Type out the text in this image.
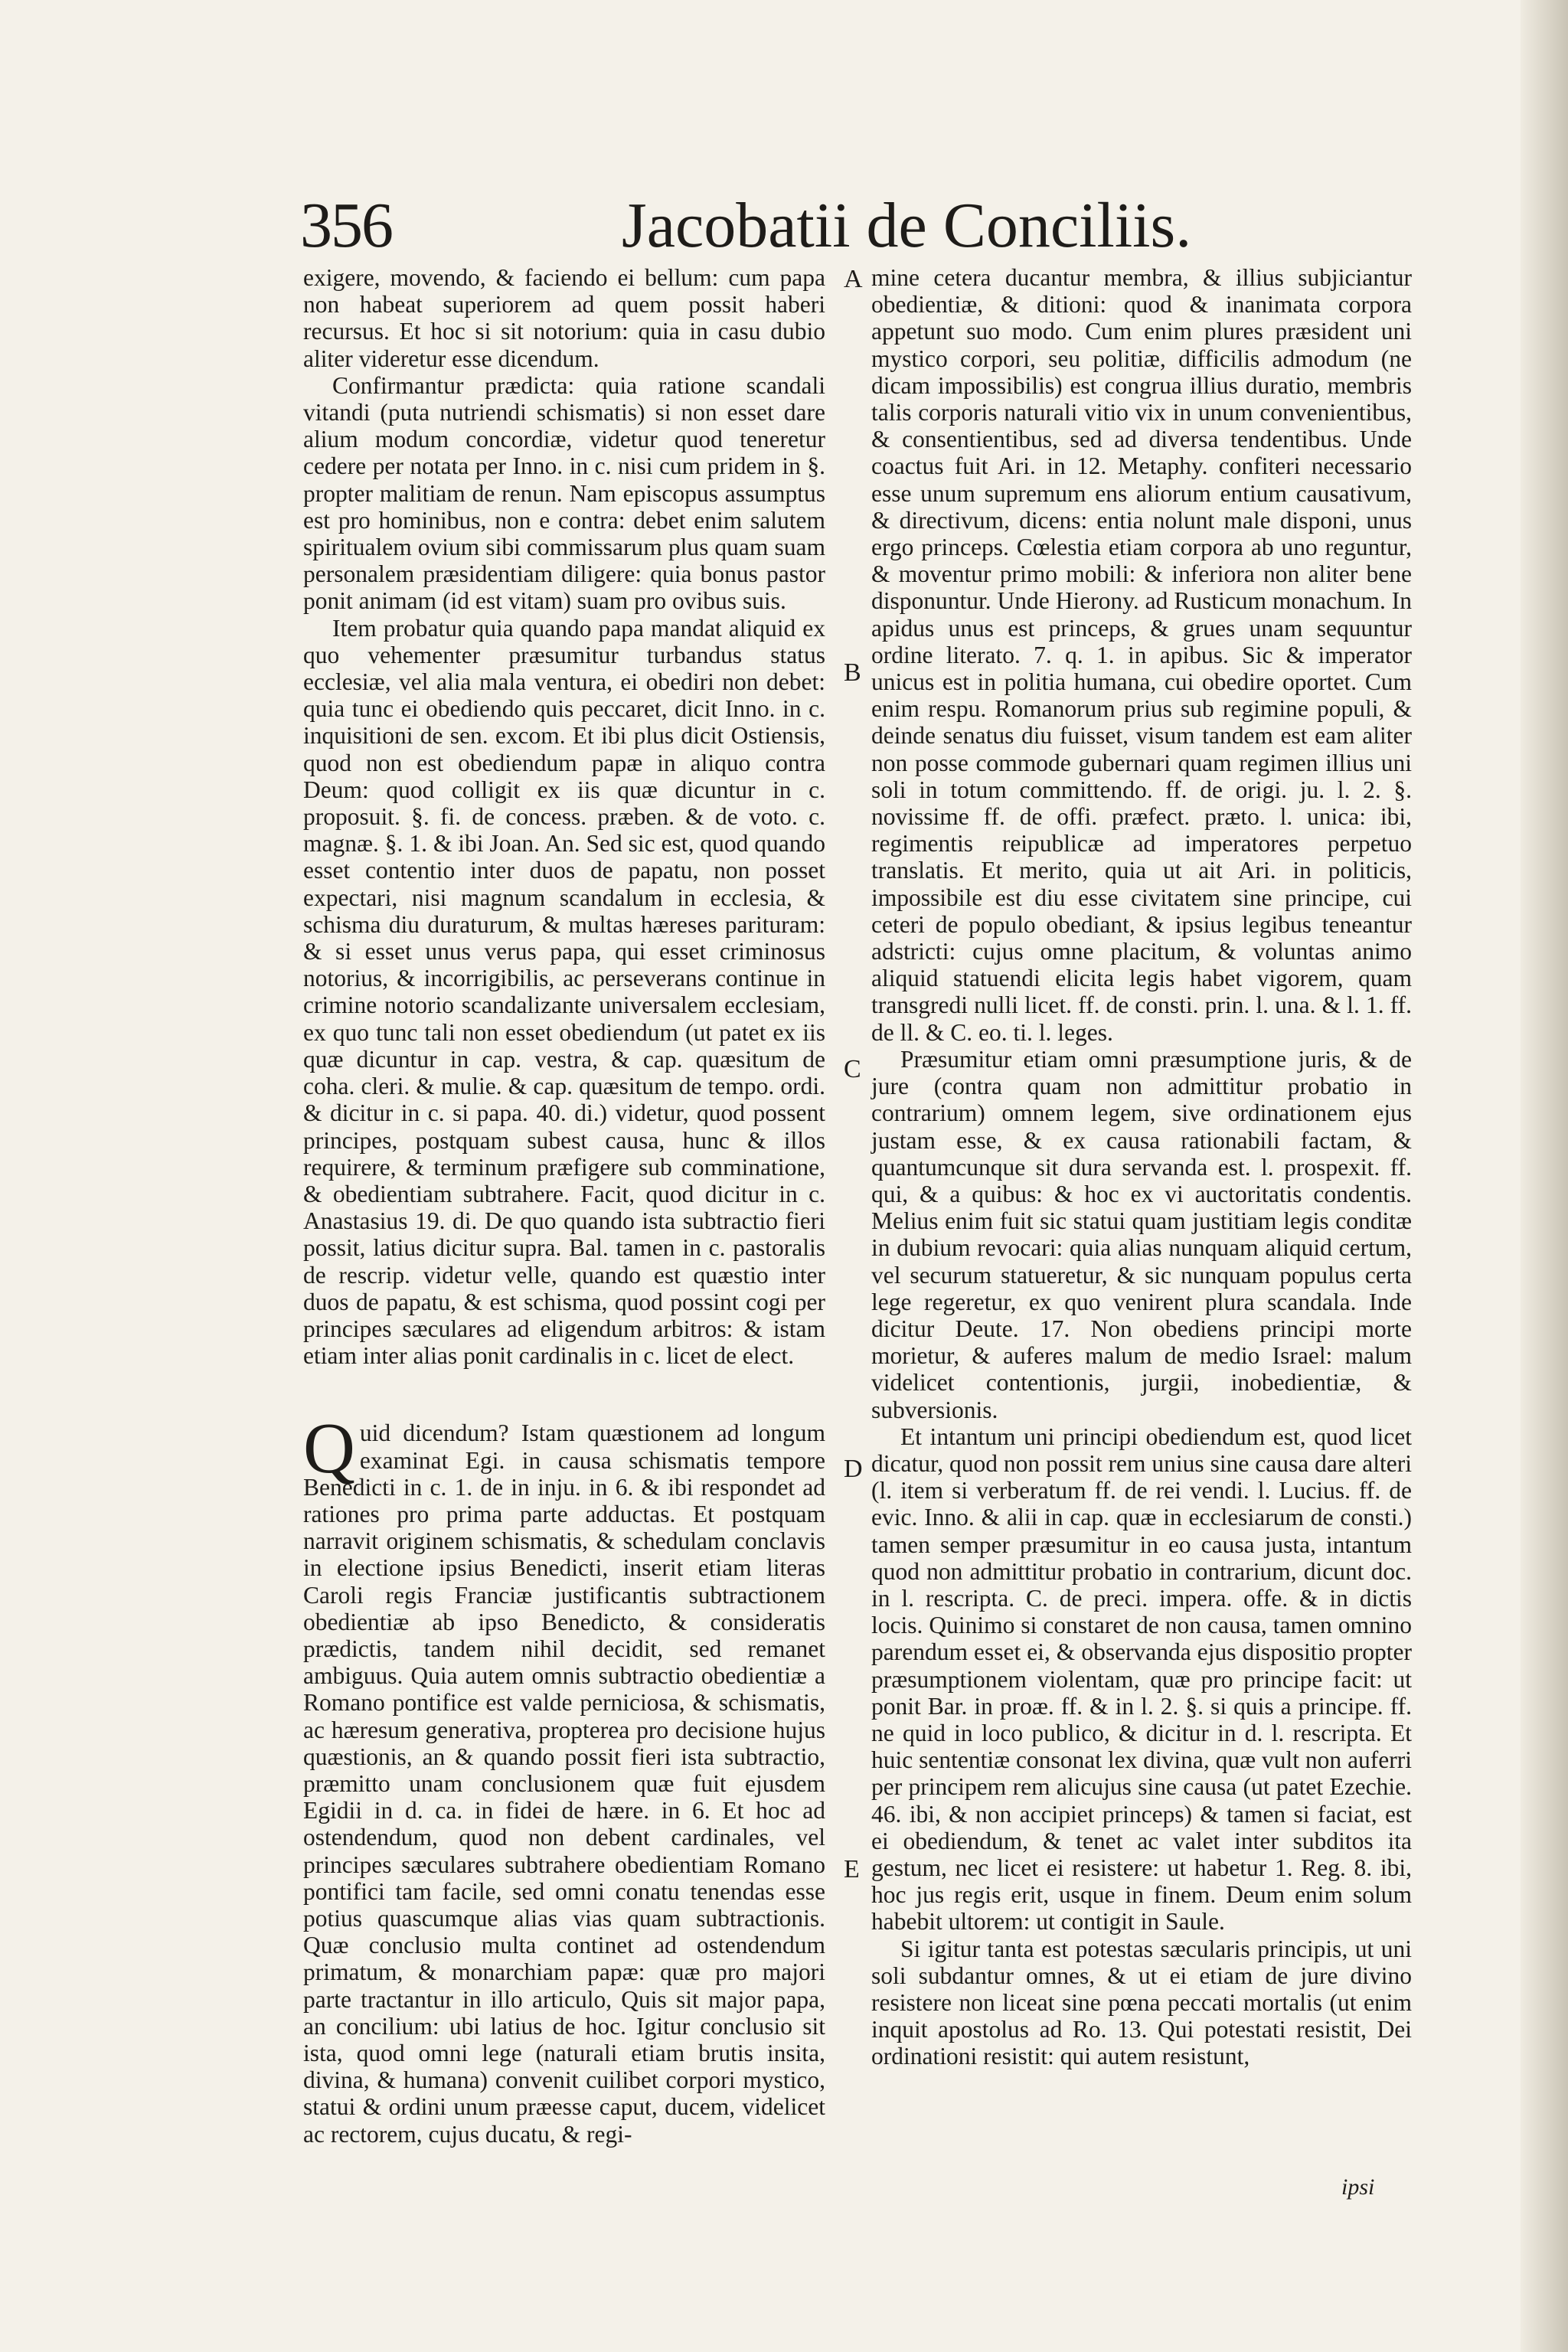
356	Jacobatii de Conciliis.

exigere, movendo, & faciendo ei bellum: cum papa non habeat superiorem ad quem possit haberi recursus. Et hoc si sit notorium: quia in casu dubio aliter videretur esse dicendum.

Confirmantur prædicta: quia ratione scandali vitandi (puta nutriendi schismatis) si non esset dare alium modum concordiæ, videtur quod teneretur cedere per notata per Inno. in c. nisi cum pridem in §. propter malitiam de renun. Nam episcopus assumptus est pro hominibus, non e contra: debet enim salutem spiritualem ovium sibi commissarum plus quam suam personalem præsidentiam diligere: quia bonus pastor ponit animam (id est vitam) suam pro ovibus suis.

Item probatur quia quando papa mandat aliquid ex quo vehementer præsumitur turbandus status ecclesiæ, vel alia mala ventura, ei obediri non debet: quia tunc ei obediendo quis peccaret, dicit Inno. in c. inquisitioni de sen. excom. Et ibi plus dicit Ostiensis, quod non est obediendum papæ in aliquo contra Deum: quod colligit ex iis quæ dicuntur in c. proposuit. §. fi. de concess. præben. & de voto. c. magnæ. §. 1. & ibi Joan. An. Sed sic est, quod quando esset contentio inter duos de papatu, non posset expectari, nisi magnum scandalum in ecclesia, & schisma diu duraturum, & multas hæreses parituram: & si esset unus verus papa, qui esset criminosus notorius, & incorrigibilis, ac perseverans continue in crimine notorio scandalizante universalem ecclesiam, ex quo tunc tali non esset obediendum (ut patet ex iis quæ dicuntur in cap. vestra, & cap. quæsitum de coha. cleri. & mulie. & cap. quæsitum de tempo. ordi. & dicitur in c. si papa. 40. di.) videtur, quod possent principes, postquam subest causa, hunc & illos requirere, & terminum præfigere sub comminatione, & obedientiam subtrahere. Facit, quod dicitur in c. Anastasius 19. di. De quo quando ista subtractio fieri possit, latius dicitur supra. Bal. tamen in c. pastoralis de rescrip. videtur velle, quando est quæstio inter duos de papatu, & est schisma, quod possint cogi per principes sæculares ad eligendum arbitros: & istam etiam inter alias ponit cardinalis in c. licet de elect.

Quid dicendum? Istam quæstionem ad longum examinat Egi. in causa schismatis tempore Benedicti in c. 1. de in inju. in 6. & ibi respondet ad rationes pro prima parte adductas. Et postquam narravit originem schismatis, & schedulam conclavis in electione ipsius Benedicti, inserit etiam literas Caroli regis Franciæ justificantis subtractionem obedientiæ ab ipso Benedicto, & consideratis prædictis, tandem nihil decidit, sed remanet ambiguus. Quia autem omnis subtractio obedientiæ a Romano pontifice est valde perniciosa, & schismatis, ac hæresum generativa, propterea pro decisione hujus quæstionis, an & quando possit fieri ista subtractio, præmitto unam conclusionem quæ fuit ejusdem Egidii in d. ca. in fidei de hære. in 6. Et hoc ad ostendendum, quod non debent cardinales, vel principes sæculares subtrahere obedientiam Romano pontifici tam facile, sed omni conatu tenendas esse potius quascumque alias vias quam subtractionis. Quæ conclusio multa continet ad ostendendum primatum, & monarchiam papæ: quæ pro majori parte tractantur in illo articulo, Quis sit major papa, an concilium: ubi latius de hoc. Igitur conclusio sit ista, quod omni lege (naturali etiam brutis insita, divina, & humana) convenit cuilibet corpori mystico, statui & ordini unum præesse caput, ducem, videlicet ac rectorem, cujus ducatu, & regi-

A
B
C
D
E

mine cetera ducantur membra, & illius subjiciantur obedientiæ, & ditioni: quod & inanimata corpora appetunt suo modo. Cum enim plures præsident uni mystico corpori, seu politiæ, difficilis admodum (ne dicam impossibilis) est congrua illius duratio, membris talis corporis naturali vitio vix in unum convenientibus, & consentientibus, sed ad diversa tendentibus. Unde coactus fuit Ari. in 12. Metaphy. confiteri necessario esse unum supremum ens aliorum entium causativum, & directivum, dicens: entia nolunt male disponi, unus ergo princeps. Cœlestia etiam corpora ab uno reguntur, & moventur primo mobili: & inferiora non aliter bene disponuntur. Unde Hierony. ad Rusticum monachum. In apidus unus est princeps, & grues unam sequuntur ordine literato. 7. q. 1. in apibus. Sic & imperator unicus est in politia humana, cui obedire oportet. Cum enim respu. Romanorum prius sub regimine populi, & deinde senatus diu fuisset, visum tandem est eam aliter non posse commode gubernari quam regimen illius uni soli in totum committendo. ff. de origi. ju. l. 2. §. novissime ff. de offi. præfect. præto. l. unica: ibi, regimentis reipublicæ ad imperatores perpetuo translatis. Et merito, quia ut ait Ari. in politicis, impossibile est diu esse civitatem sine principe, cui ceteri de populo obediant, & ipsius legibus teneantur adstricti: cujus omne placitum, & voluntas animo aliquid statuendi elicita legis habet vigorem, quam transgredi nulli licet. ff. de consti. prin. l. una. & l. 1. ff. de ll. & C. eo. ti. l. leges.

Præsumitur etiam omni præsumptione juris, & de jure (contra quam non admittitur probatio in contrarium) omnem legem, sive ordinationem ejus justam esse, & ex causa rationabili factam, & quantumcunque sit dura servanda est. l. prospexit. ff. qui, & a quibus: & hoc ex vi auctoritatis condentis. Melius enim fuit sic statui quam justitiam legis conditæ in dubium revocari: quia alias nunquam aliquid certum, vel securum statueretur, & sic nunquam populus certa lege regeretur, ex quo venirent plura scandala. Inde dicitur Deute. 17. Non obediens principi morte morietur, & auferes malum de medio Israel: malum videlicet contentionis, jurgii, inobedientiæ, & subversionis.

Et intantum uni principi obediendum est, quod licet dicatur, quod non possit rem unius sine causa dare alteri (l. item si verberatum ff. de rei vendi. l. Lucius. ff. de evic. Inno. & alii in cap. quæ in ecclesiarum de consti.) tamen semper præsumitur in eo causa justa, intantum quod non admittitur probatio in contrarium, dicunt doc. in l. rescripta. C. de preci. impera. offe. & in dictis locis. Quinimo si constaret de non causa, tamen omnino parendum esset ei, & observanda ejus dispositio propter præsumptionem violentam, quæ pro principe facit: ut ponit Bar. in proæ. ff. & in l. 2. §. si quis a principe. ff. ne quid in loco publico, & dicitur in d. l. rescripta. Et huic sententiæ consonat lex divina, quæ vult non auferri per principem rem alicujus sine causa (ut patet Ezechie. 46. ibi, & non accipiet princeps) & tamen si faciat, est ei obediendum, & tenet ac valet inter subditos ita gestum, nec licet ei resistere: ut habetur 1. Reg. 8. ibi, hoc jus regis erit, usque in finem. Deum enim solum habebit ultorem: ut contigit in Saule.

Si igitur tanta est potestas sæcularis principis, ut uni soli subdantur omnes, & ut ei etiam de jure divino resistere non liceat sine pœna peccati mortalis (ut enim inquit apostolus ad Ro. 13. Qui potestati resistit, Dei ordinationi resistit: qui autem resistunt,

ipsi
